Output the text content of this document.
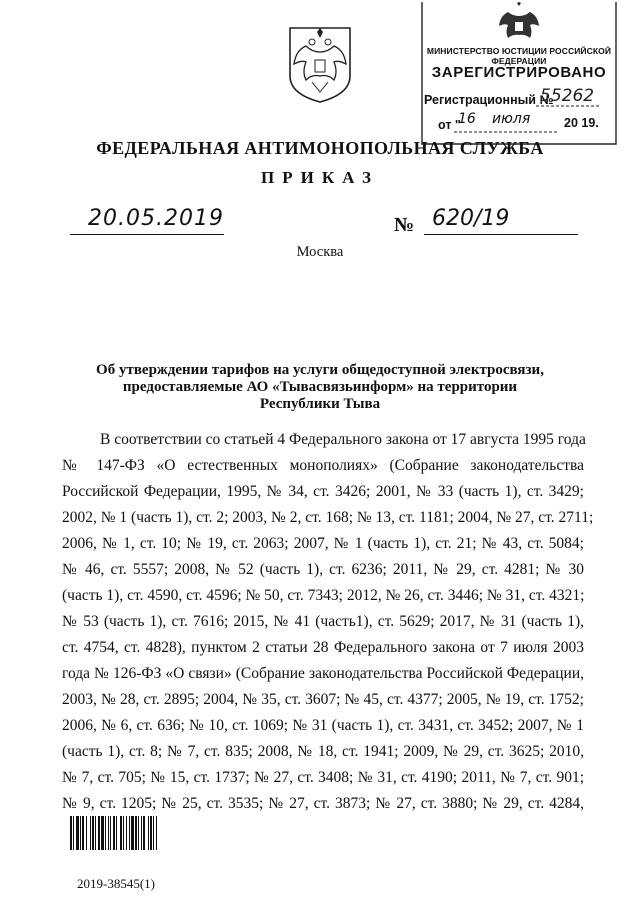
МИНИСТЕРСТВО ЮСТИЦИИ РОССИЙСКОЙ ФЕДЕРАЦИИ
ЗАРЕГИСТРИРОВАНО
Регистрационный №
55262
от "
16 июля	20 19.
ФЕДЕРАЛЬНАЯ АНТИМОНОПОЛЬНАЯ СЛУЖБА
ПРИКАЗ
20.05.2019	№ 620/19
Москва
Об утверждении тарифов на услуги общедоступной электросвязи,
предоставляемые АО «Тывасвязьинформ» на территории
Республики Тыва
В соответствии со статьей 4 Федерального закона от 17 августа 1995 года
№ 147-ФЗ «О естественных монополиях» (Собрание законодательства
Российской Федерации, 1995, № 34, ст. 3426; 2001, № 33 (часть 1), ст. 3429;
2002, № 1 (часть 1), ст. 2; 2003, № 2, ст. 168; № 13, ст. 1181; 2004, № 27, ст. 2711;
2006, № 1, ст. 10; № 19, ст. 2063; 2007, № 1 (часть 1), ст. 21; № 43, ст. 5084;
№ 46, ст. 5557; 2008, № 52 (часть 1), ст. 6236; 2011, № 29, ст. 4281; № 30
(часть 1), ст. 4590, ст. 4596; № 50, ст. 7343; 2012, № 26, ст. 3446; № 31, ст. 4321;
№ 53 (часть 1), ст. 7616; 2015, № 41 (часть1), ст. 5629; 2017, № 31 (часть 1),
ст. 4754, ст. 4828), пунктом 2 статьи 28 Федерального закона от 7 июля 2003
года № 126-ФЗ «О связи» (Собрание законодательства Российской Федерации,
2003, № 28, ст. 2895; 2004, № 35, ст. 3607; № 45, ст. 4377; 2005, № 19, ст. 1752;
2006, № 6, ст. 636; № 10, ст. 1069; № 31 (часть 1), ст. 3431, ст. 3452; 2007, № 1
(часть 1), ст. 8; № 7, ст. 835; 2008, № 18, ст. 1941; 2009, № 29, ст. 3625; 2010,
№ 7, ст. 705; № 15, ст. 1737; № 27, ст. 3408; № 31, ст. 4190; 2011, № 7, ст. 901;
№ 9, ст. 1205; № 25, ст. 3535; № 27, ст. 3873; № 27, ст. 3880; № 29, ст. 4284,
2019-38545(1)
